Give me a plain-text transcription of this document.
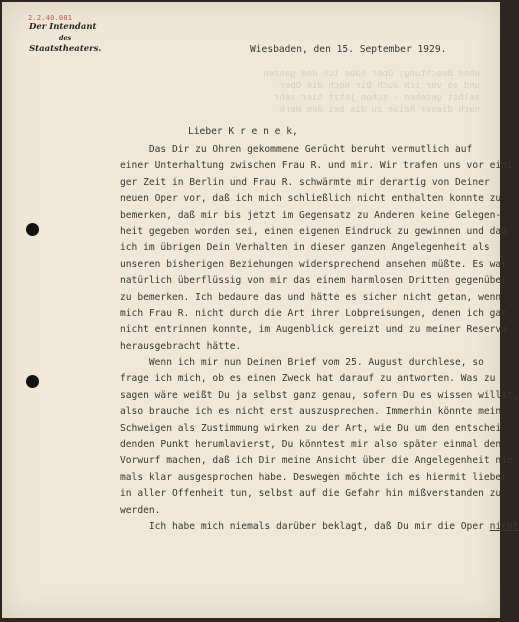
2.2.40.081
Der Intendant
des
Staatstheaters.	Wiesbaden, den 15. September 1929.
ohne Beachtung; Oper habe ich dem ganzen
und so vor ich auch Dir noch die Oper
selbst gesehen - schon jetzt hier sehr
nach dieser Reise zu die bei dem Werk
Lieber K r e n e k,
Das Dir zu Ohren gekommene Gerücht beruht vermutlich auf
einer Unterhaltung zwischen Frau R. und mir. Wir trafen uns vor eini-
ger Zeit in Berlin und Frau R. schwärmte mir derartig von Deiner
neuen Oper vor, daß ich mich schließlich nicht enthalten konnte zu
bemerken, daß mir bis jetzt im Gegensatz zu Anderen keine Gelegen-
heit gegeben worden sei, einen eigenen Eindruck zu gewinnen und daß
ich im übrigen Dein Verhalten in dieser ganzen Angelegenheit als
unseren bisherigen Beziehungen widersprechend ansehen müßte. Es war
natürlich überflüssig von mir das einem harmlosen Dritten gegenüber
zu bemerken. Ich bedaure das und hätte es sicher nicht getan, wenn
mich Frau R. nicht durch die Art ihrer Lobpreisungen, denen ich gar
nicht entrinnen konnte, im Augenblick gereizt und zu meiner Reserve
herausgebracht hätte.
Wenn ich mir nun Deinen Brief vom 25. August durchlese, so
frage ich mich, ob es einen Zweck hat darauf zu antworten. Was zu
sagen wäre weißt Du ja selbst ganz genau, sofern Du es wissen willst,
also brauche ich es nicht erst auszusprechen. Immerhin könnte mein
Schweigen als Zustimmung wirken zu der Art, wie Du um den entschei-
denden Punkt herumlavierst, Du könntest mir also später einmal den
Vorwurf machen, daß ich Dir meine Ansicht über die Angelegenheit nie-
mals klar ausgesprochen habe. Deswegen möchte ich es hiermit lieber
in aller Offenheit tun, selbst auf die Gefahr hin mißverstanden zu
werden.
Ich habe mich niemals darüber beklagt, daß Du mir die Oper nicht
